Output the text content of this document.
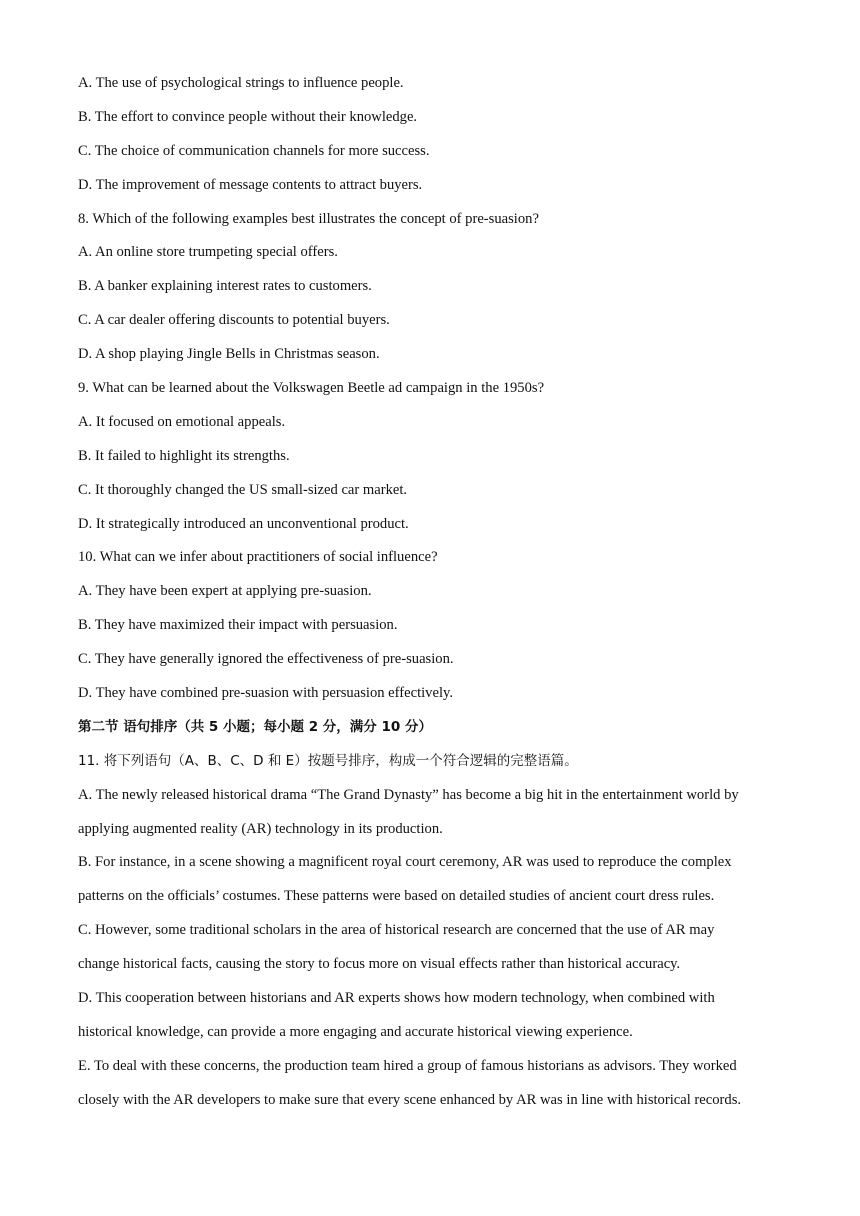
A. The use of psychological strings to influence people.

B. The effort to convince people without their knowledge.

C. The choice of communication channels for more success.

D. The improvement of message contents to attract buyers.

8. Which of the following examples best illustrates the concept of pre-suasion?

A. An online store trumpeting special offers.

B. A banker explaining interest rates to customers.

C. A car dealer offering discounts to potential buyers.

D. A shop playing Jingle Bells in Christmas season.

9. What can be learned about the Volkswagen Beetle ad campaign in the 1950s?

A. It focused on emotional appeals.

B. It failed to highlight its strengths.

C. It thoroughly changed the US small-sized car market.

D. It strategically introduced an unconventional product.

10. What can we infer about practitioners of social influence?

A. They have been expert at applying pre-suasion.

B. They have maximized their impact with persuasion.

C. They have generally ignored the effectiveness of pre-suasion.

D. They have combined pre-suasion with persuasion effectively.

第二节 语句排序（共 5 小题；每小题 2 分，满分 10 分）

11. 将下列语句（A、B、C、D 和 E）按题号排序，构成一个符合逻辑的完整语篇。

A. The newly released historical drama “The Grand Dynasty” has become a big hit in the entertainment world by

applying augmented reality (AR) technology in its production.

B. For instance, in a scene showing a magnificent royal court ceremony, AR was used to reproduce the complex

patterns on the officials’ costumes. These patterns were based on detailed studies of ancient court dress rules.

C. However, some traditional scholars in the area of historical research are concerned that the use of AR may

change historical facts, causing the story to focus more on visual effects rather than historical accuracy.

D. This cooperation between historians and AR experts shows how modern technology, when combined with

historical knowledge, can provide a more engaging and accurate historical viewing experience.

E. To deal with these concerns, the production team hired a group of famous historians as advisors. They worked

closely with the AR developers to make sure that every scene enhanced by AR was in line with historical records.
